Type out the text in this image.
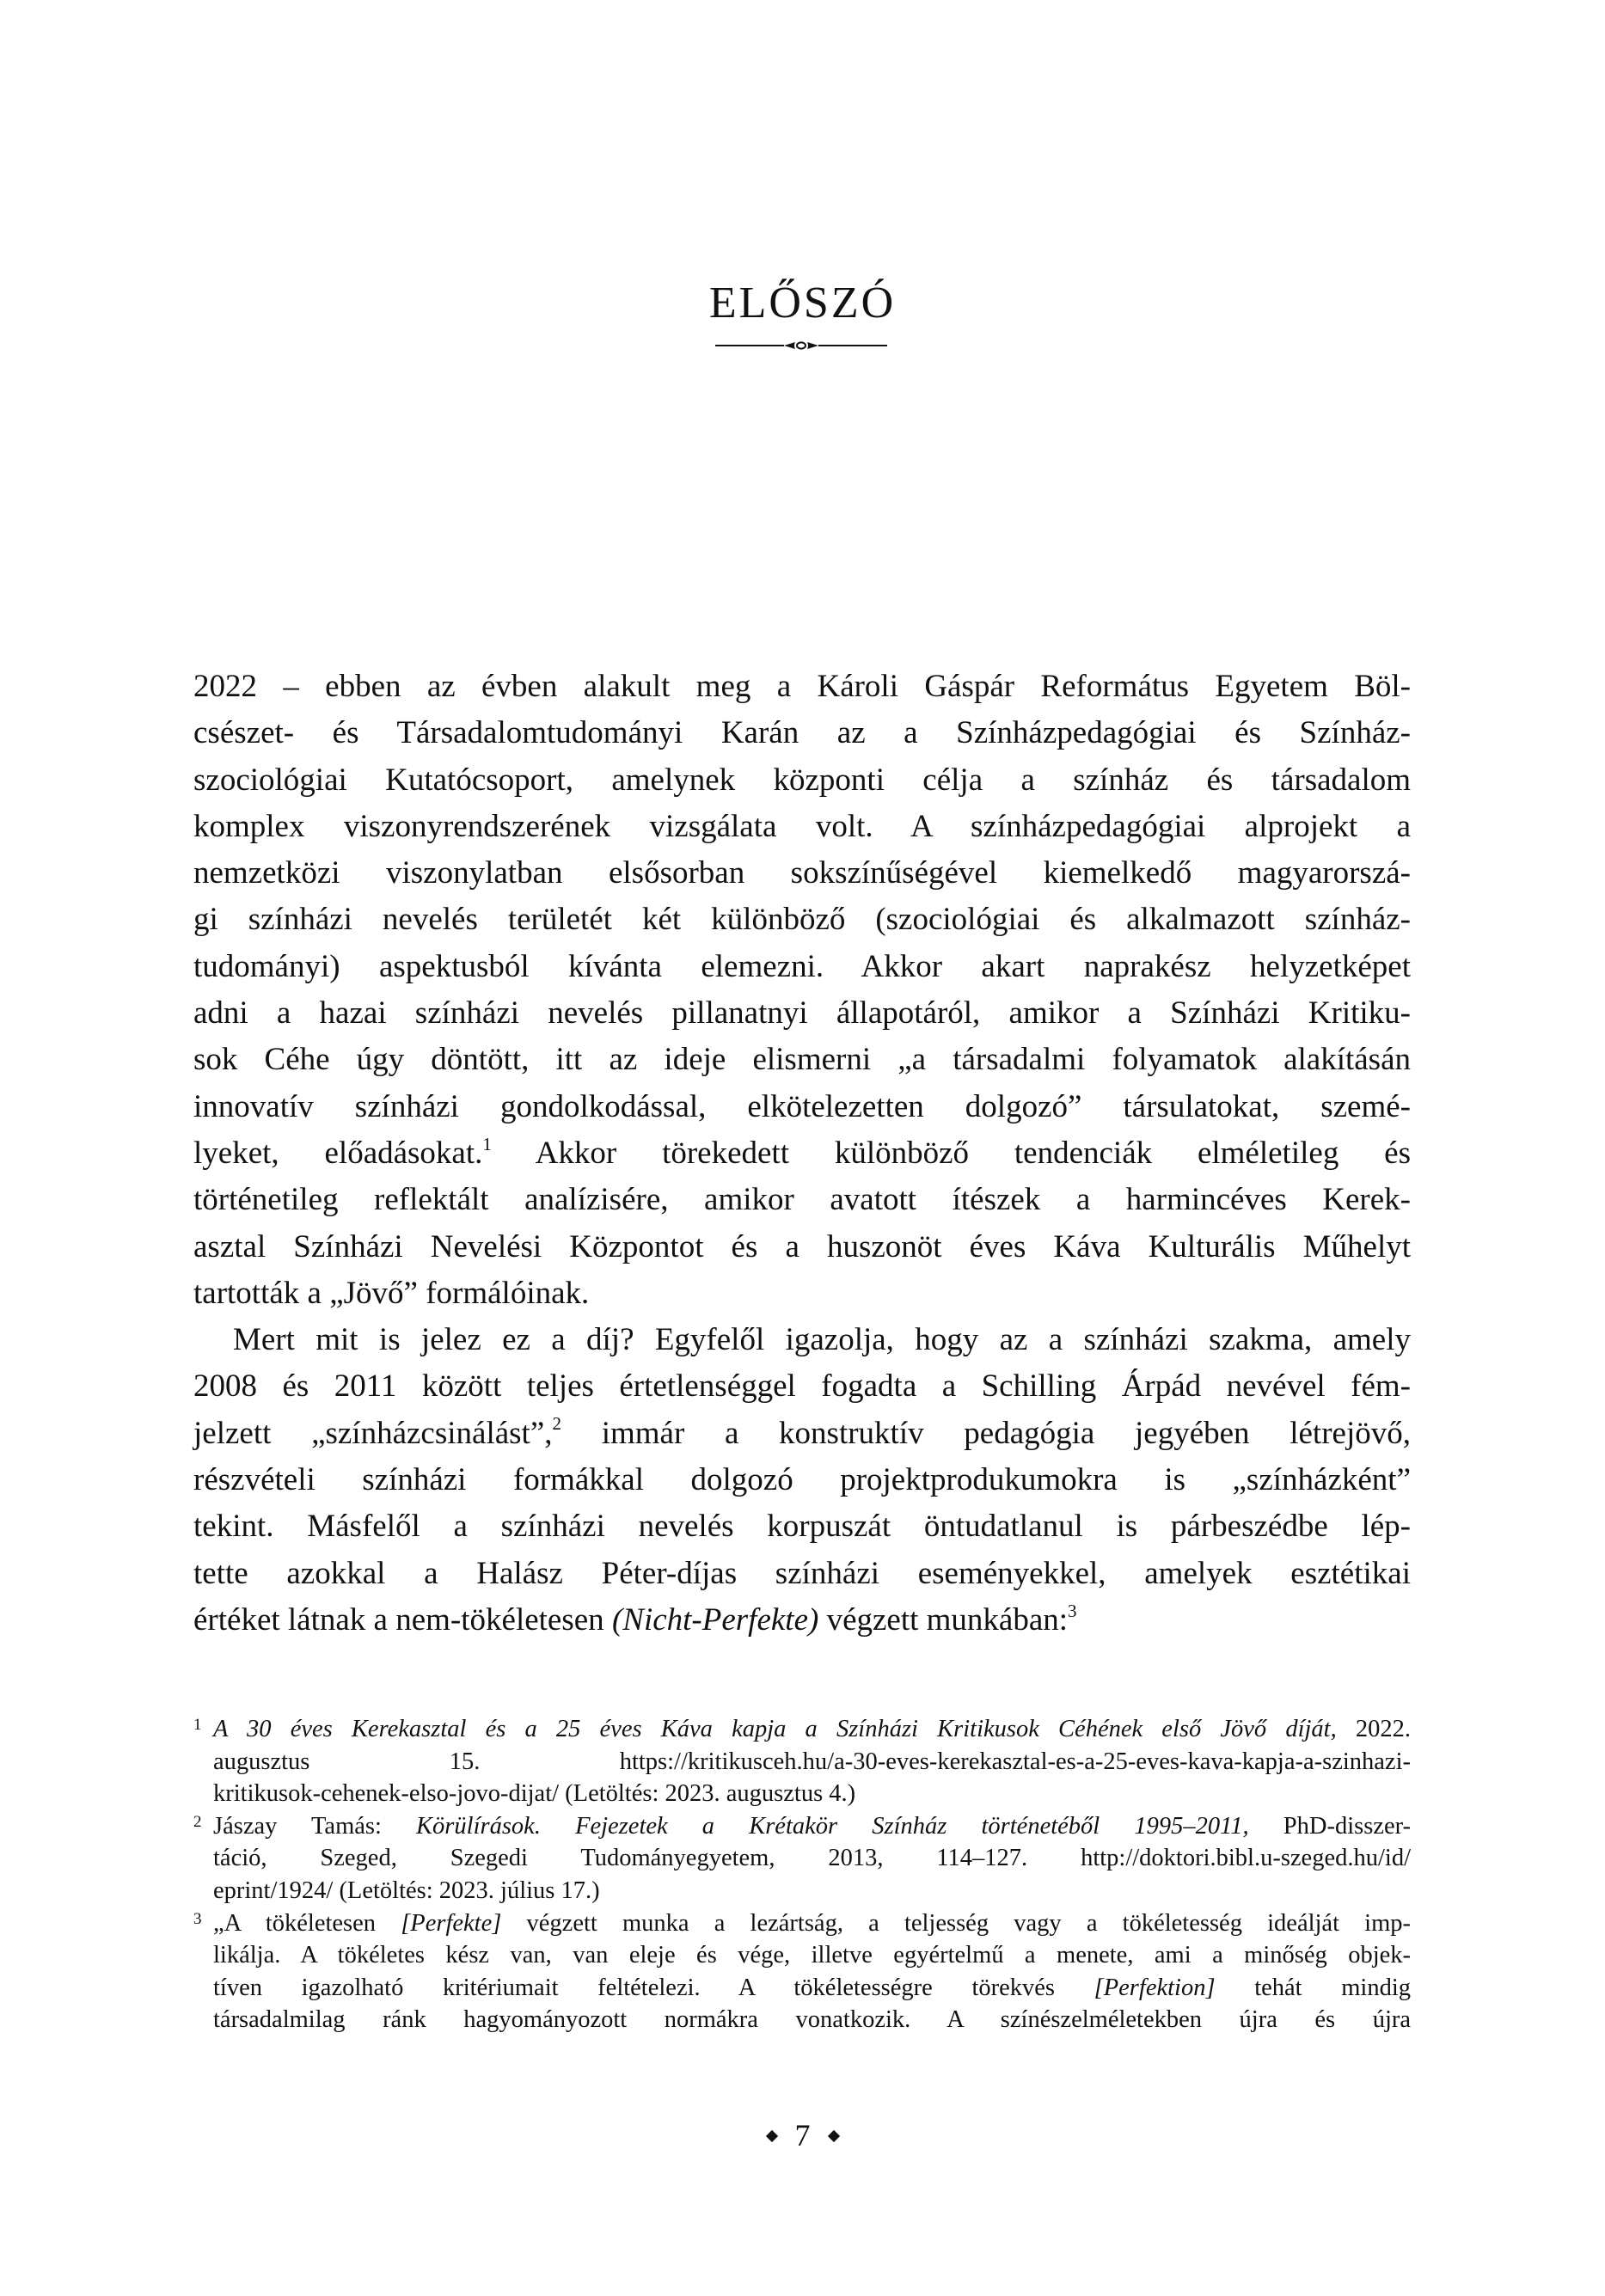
ELŐSZÓ
2022 – ebben az évben alakult meg a Károli Gáspár Református Egyetem Böl-
csészet- és Társadalomtudományi Karán az a Színházpedagógiai és Színház-
szociológiai Kutatócsoport, amelynek központi célja a színház és társadalom
komplex viszonyrendszerének vizsgálata volt. A színházpedagógiai alprojekt a
nemzetközi viszonylatban elsősorban sokszínűségével kiemelkedő magyarorszá-
gi színházi nevelés területét két különböző (szociológiai és alkalmazott színház-
tudományi) aspektusból kívánta elemezni. Akkor akart naprakész helyzetképet
adni a hazai színházi nevelés pillanatnyi állapotáról, amikor a Színházi Kritiku-
sok Céhe úgy döntött, itt az ideje elismerni „a társadalmi folyamatok alakításán
innovatív színházi gondolkodással, elkötelezetten dolgozó” társulatokat, szemé-
lyeket, előadásokat.$^1$ Akkor törekedett különböző tendenciák elméletileg és
történetileg reflektált analízisére, amikor avatott ítészek a harmincéves Kerek-
asztal Színházi Nevelési Központot és a huszonöt éves Káva Kulturális Műhelyt
tartották a „Jövő” formálóinak.
Mert mit is jelez ez a díj? Egyfelől igazolja, hogy az a színházi szakma, amely
2008 és 2011 között teljes értetlenséggel fogadta a Schilling Árpád nevével fém-
jelzett „színházcsinálást”,$^2$ immár a konstruktív pedagógia jegyében létrejövő,
részvételi színházi formákkal dolgozó projektprodukumokra is „színházként”
tekint. Másfelől a színházi nevelés korpuszát öntudatlanul is párbeszédbe lép-
tette azokkal a Halász Péter-díjas színházi eseményekkel, amelyek esztétikai
értéket látnak a nem-tökéletesen (Nicht-Perfekte) végzett munkában:$^3$
1 A 30 éves Kerekasztal és a 25 éves Káva kapja a Színházi Kritikusok Céhének első Jövő díját, 2022.
augusztus 15. https://kritikusceh.hu/a-30-eves-kerekasztal-es-a-25-eves-kava-kapja-a-szinhazi-
kritikusok-cehenek-elso-jovo-dijat/ (Letöltés: 2023. augusztus 4.)
2 Jászay Tamás: Körülírások. Fejezetek a Krétakör Színház történetéből 1995–2011, PhD-disszer-
táció, Szeged, Szegedi Tudományegyetem, 2013, 114–127. http://doktori.bibl.u-szeged.hu/id/
eprint/1924/ (Letöltés: 2023. július 17.)
3 „A tökéletesen [Perfekte] végzett munka a lezártság, a teljesség vagy a tökéletesség ideálját imp-
likálja. A tökéletes kész van, van eleje és vége, illetve egyértelmű a menete, ami a minőség objek-
tíven igazolható kritériumait feltételezi. A tökéletességre törekvés [Perfektion] tehát mindig
társadalmilag ránk hagyományozott normákra vonatkozik. A színészelméletekben újra és újra
7
